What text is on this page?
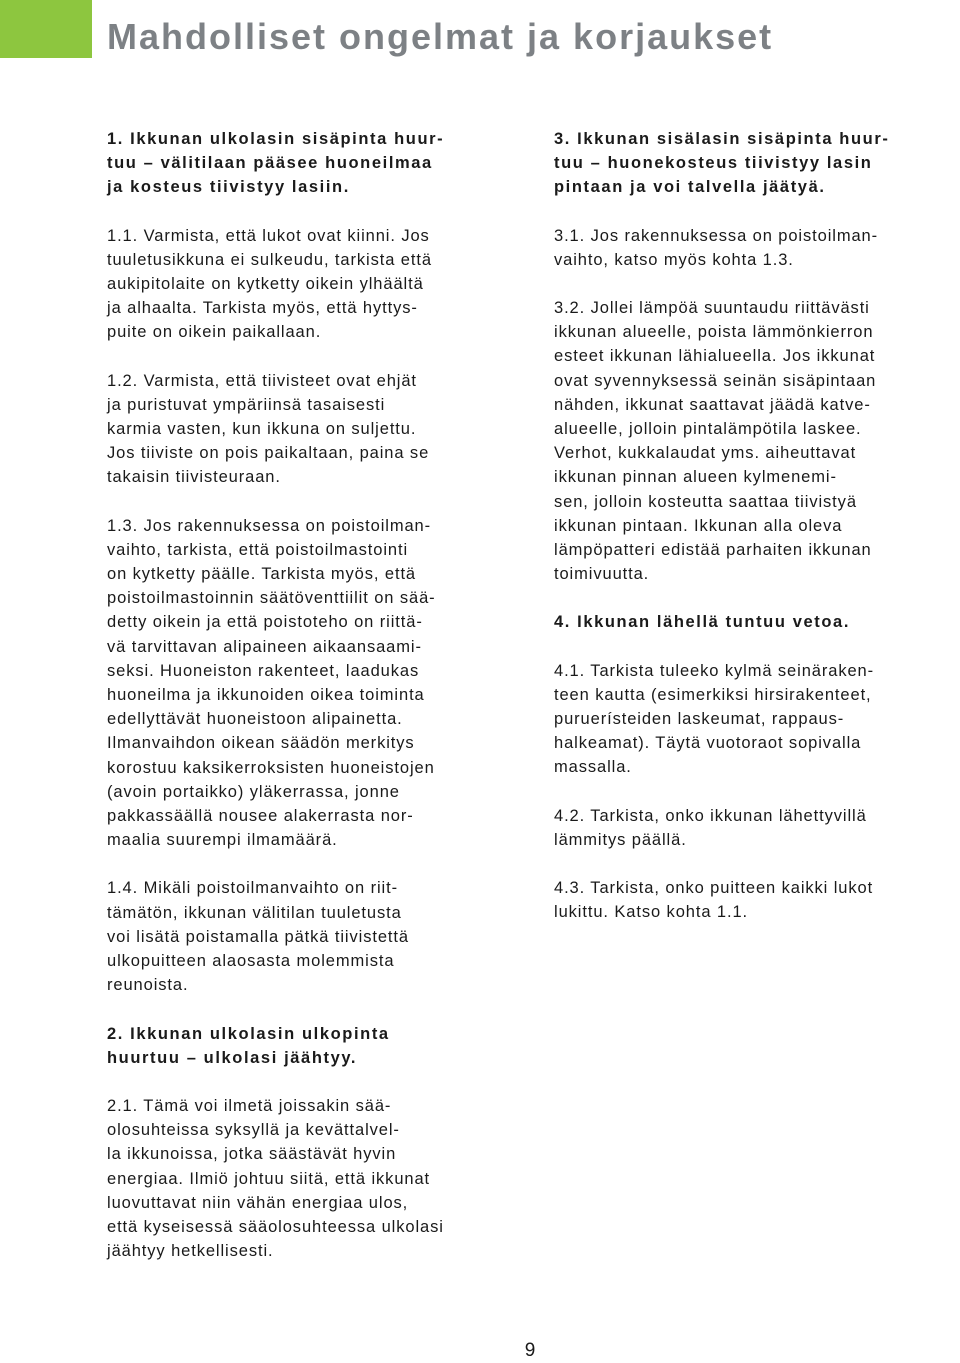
Mahdolliset ongelmat ja korjaukset

1. Ikkunan ulkolasin sisäpinta huur-
tuu – välitilaan pääsee huoneilmaa
ja kosteus tiivistyy lasiin.

1.1. Varmista, että lukot ovat kiinni. Jos
tuuletusikkuna ei sulkeudu, tarkista että
aukipitolaite on kytketty oikein ylhäältä
ja alhaalta. Tarkista myös, että hyttys-
puite on oikein paikallaan.

1.2. Varmista, että tiivisteet ovat ehjät
ja puristuvat ympäriinsä tasaisesti
karmia vasten, kun ikkuna on suljettu.
Jos tiiviste on pois paikaltaan, paina se
takaisin tiivisteuraan.

1.3. Jos rakennuksessa on poistoilman-
vaihto, tarkista, että poistoilmastointi
on kytketty päälle. Tarkista myös, että
poistoilmastoinnin säätöventtiilit on sää-
detty oikein ja että poistoteho on riittä-
vä tarvittavan alipaineen aikaansaami-
seksi. Huoneiston rakenteet, laadukas
huoneilma ja ikkunoiden oikea toiminta
edellyttävät huoneistoon alipainetta.
Ilmanvaihdon oikean säädön merkitys
korostuu kaksikerroksisten huoneistojen
(avoin portaikko) yläkerrassa, jonne
pakkassäällä nousee alakerrasta nor-
maalia suurempi ilmamäärä.

1.4. Mikäli poistoilmanvaihto on riit-
tämätön, ikkunan välitilan tuuletusta
voi lisätä poistamalla pätkä tiivistettä
ulkopuitteen alaosasta molemmista
reunoista.

2. Ikkunan ulkolasin ulkopinta
huurtuu – ulkolasi jäähtyy.

2.1. Tämä voi ilmetä joissakin sää-
olosuhteissa syksyllä ja kevättalvel-
la ikkunoissa, jotka säästävät hyvin
energiaa. Ilmiö johtuu siitä, että ikkunat
luovuttavat niin vähän energiaa ulos,
että kyseisessä sääolosuhteessa ulkolasi
jäähtyy hetkellisesti.

3. Ikkunan sisälasin sisäpinta huur-
tuu – huonekosteus tiivistyy lasin
pintaan ja voi talvella jäätyä.

3.1. Jos rakennuksessa on poistoilman-
vaihto, katso myös kohta 1.3.

3.2. Jollei lämpöä suuntaudu riittävästi
ikkunan alueelle, poista lämmönkierron
esteet ikkunan lähialueella. Jos ikkunat
ovat syvennyksessä seinän sisäpintaan
nähden, ikkunat saattavat jäädä katve-
alueelle, jolloin pintalämpötila laskee.
Verhot, kukkalaudat yms. aiheuttavat
ikkunan pinnan alueen kylmenemi-
sen, jolloin kosteutta saattaa tiivistyä
ikkunan pintaan. Ikkunan alla oleva
lämpöpatteri edistää parhaiten ikkunan
toimivuutta.

4. Ikkunan lähellä tuntuu vetoa.

4.1. Tarkista tuleeko kylmä seinäraken-
teen kautta (esimerkiksi hirsirakenteet,
puruerísteiden laskeumat, rappaus-
halkeamat). Täytä vuotoraot sopivalla
massalla.

4.2. Tarkista, onko ikkunan lähettyvillä
lämmitys päällä.

4.3. Tarkista, onko puitteen kaikki lukot
lukittu. Katso kohta 1.1.

9
